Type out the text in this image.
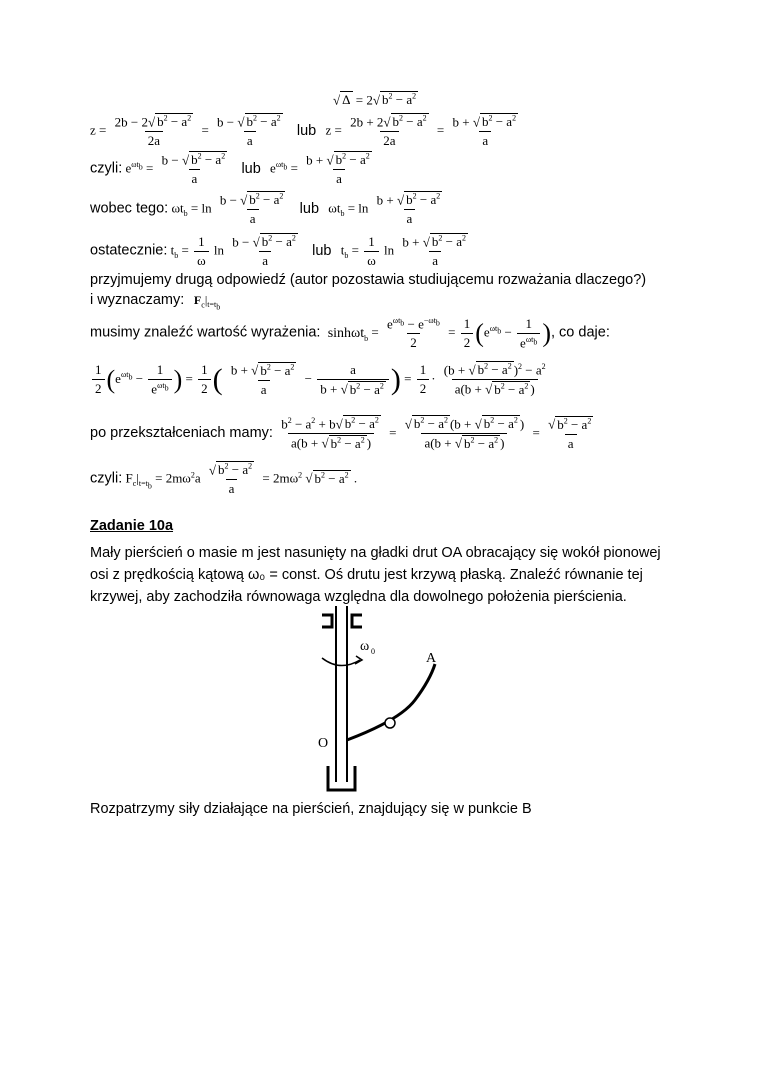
√ Δ = 2√ $b^2 - a^2$
$z = \frac{2b - 2√ b^2 - a^2}{2a} = \frac{b - √ b^2 - a^2}{a}$ lub $z = \frac{2b + 2√ b^2 - a^2}{2a} = \frac{b + √ b^2 - a^2}{a}$
czyli: $e^{\omega t_b} = \frac{b - √ b^2 - a^2}{a}$ lub $e^{\omega t_b} = \frac{b + √ b^2 - a^2}{a}$
wobec tego: $\omega t_b = \ln \frac{b - √ b^2 - a^2}{a}$ lub $\omega t_b = \ln \frac{b + √ b^2 - a^2}{a}$
ostatecznie: $t_b = \frac{1}{\omega}$ $\ln \frac{b - √ b^2 - a^2}{a}$ lub $t_b = \frac{1}{\omega}$ $\ln \frac{b + √ b^2 - a^2}{a}$
przyjmujemy drugą odpowiedź (autor pozostawia studiującemu rozważania dlaczego?)
i wyznaczamy: $F_c|_{t=t_b}$
musimy znaleźć wartość wyrażenia: $\sinh\omega t_b = \frac{e^{\omega t_b} - e^{-\omega t_b}}{2} = \frac{1}{2} (e^{\omega t_b} - \frac{1}{e^{\omega t_b}}$ ), co daje:
$\frac{1}{2} (e^{\omega t_b} - \frac{1}{e^{\omega t_b}}$ ) = $\frac{1}{2}$ ( $\frac{b + √ b^2 - a^2}{a} - \frac{a}{b + √ b^2 - a^2}$ ) = $\frac{1}{2} \cdot \frac{(b + √ b^2 - a^2 )^2 - a^2}{a(b + √ b^2 - a^2 )}$
po przekształceniach mamy: $\frac{b^2 - a^2 + b√ b^2 - a^2}{a(b + √ b^2 - a^2 )} = \frac{√ b^2 - a^2 (b + √ b^2 - a^2 )}{a(b + √ b^2 - a^2 )} = \frac{√ b^2 - a^2}{a}$
czyli: $F_c|_{t=t_b} = 2m\omega^2a \frac{√ b^2 - a^2}{a} = 2m\omega^2$ √ $b^2 - a^2$ .
Zadanie 10a
Mały pierścień o masie m jest nasunięty na gładki drut OA obracający się wokół pionowej osi z prędkością kątową ω₀ = const. Oś drutu jest krzywą płaską. Znaleźć równanie tej krzywej, aby zachodziła równowaga względna dla dowolnego położenia pierścienia.
A
O
ω 0
Rozpatrzymy siły działające na pierścień, znajdujący się w punkcie B
